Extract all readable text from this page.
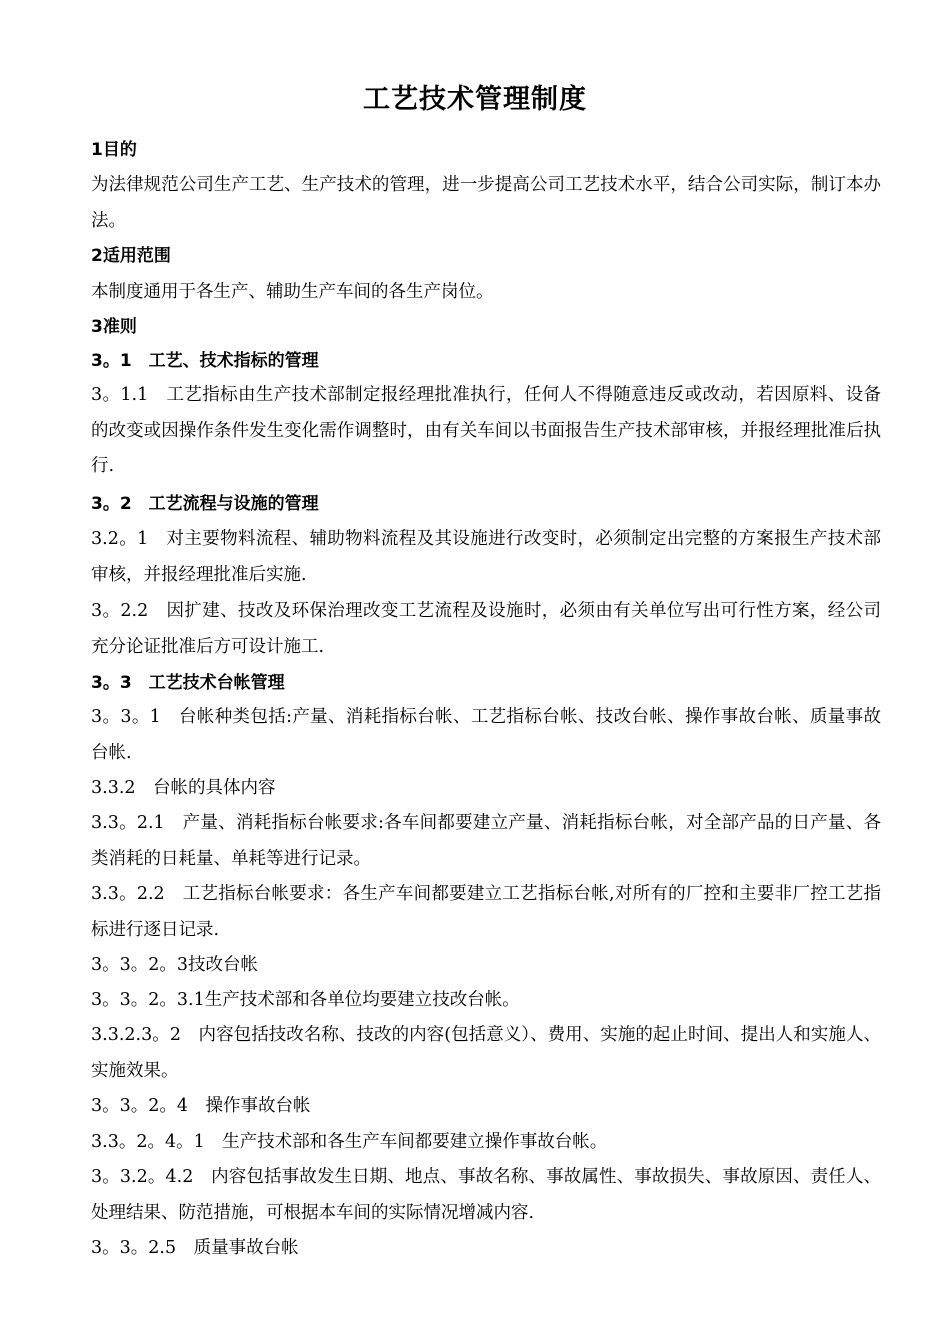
工艺技术管理制度
1目的
为法律规范公司生产工艺、生产技术的管理，进一步提高公司工艺技术水平，结合公司实际，制订本办法。
2适用范围
本制度通用于各生产、辅助生产车间的各生产岗位。
3准则
3。1　工艺、技术指标的管理
3。1.1　工艺指标由生产技术部制定报经理批准执行，任何人不得随意违反或改动，若因原料、设备的改变或因操作条件发生变化需作调整时，由有关车间以书面报告生产技术部审核，并报经理批准后执行.
3。2　工艺流程与设施的管理
3.2。1　对主要物料流程、辅助物料流程及其设施进行改变时，必须制定出完整的方案报生产技术部审核，并报经理批准后实施.
3。2.2　因扩建、技改及环保治理改变工艺流程及设施时，必须由有关单位写出可行性方案，经公司充分论证批准后方可设计施工.
3。3　工艺技术台帐管理
3。3。1　台帐种类包括:产量、消耗指标台帐、工艺指标台帐、技改台帐、操作事故台帐、质量事故台帐.
3.3.2　台帐的具体内容
3.3。2.1　产量、消耗指标台帐要求:各车间都要建立产量、消耗指标台帐，对全部产品的日产量、各类消耗的日耗量、单耗等进行记录。
3.3。2.2　工艺指标台帐要求：各生产车间都要建立工艺指标台帐,对所有的厂控和主要非厂控工艺指标进行逐日记录.
3。3。2。3技改台帐
3。3。2。3.1生产技术部和各单位均要建立技改台帐。
3.3.2.3。2　内容包括技改名称、技改的内容(包括意义）、费用、实施的起止时间、提出人和实施人、实施效果。
3。3。2。4　操作事故台帐
3.3。2。4。1　生产技术部和各生产车间都要建立操作事故台帐。
3。3.2。4.2　内容包括事故发生日期、地点、事故名称、事故属性、事故损失、事故原因、责任人、处理结果、防范措施，可根据本车间的实际情况增减内容.
3。3。2.5　质量事故台帐
